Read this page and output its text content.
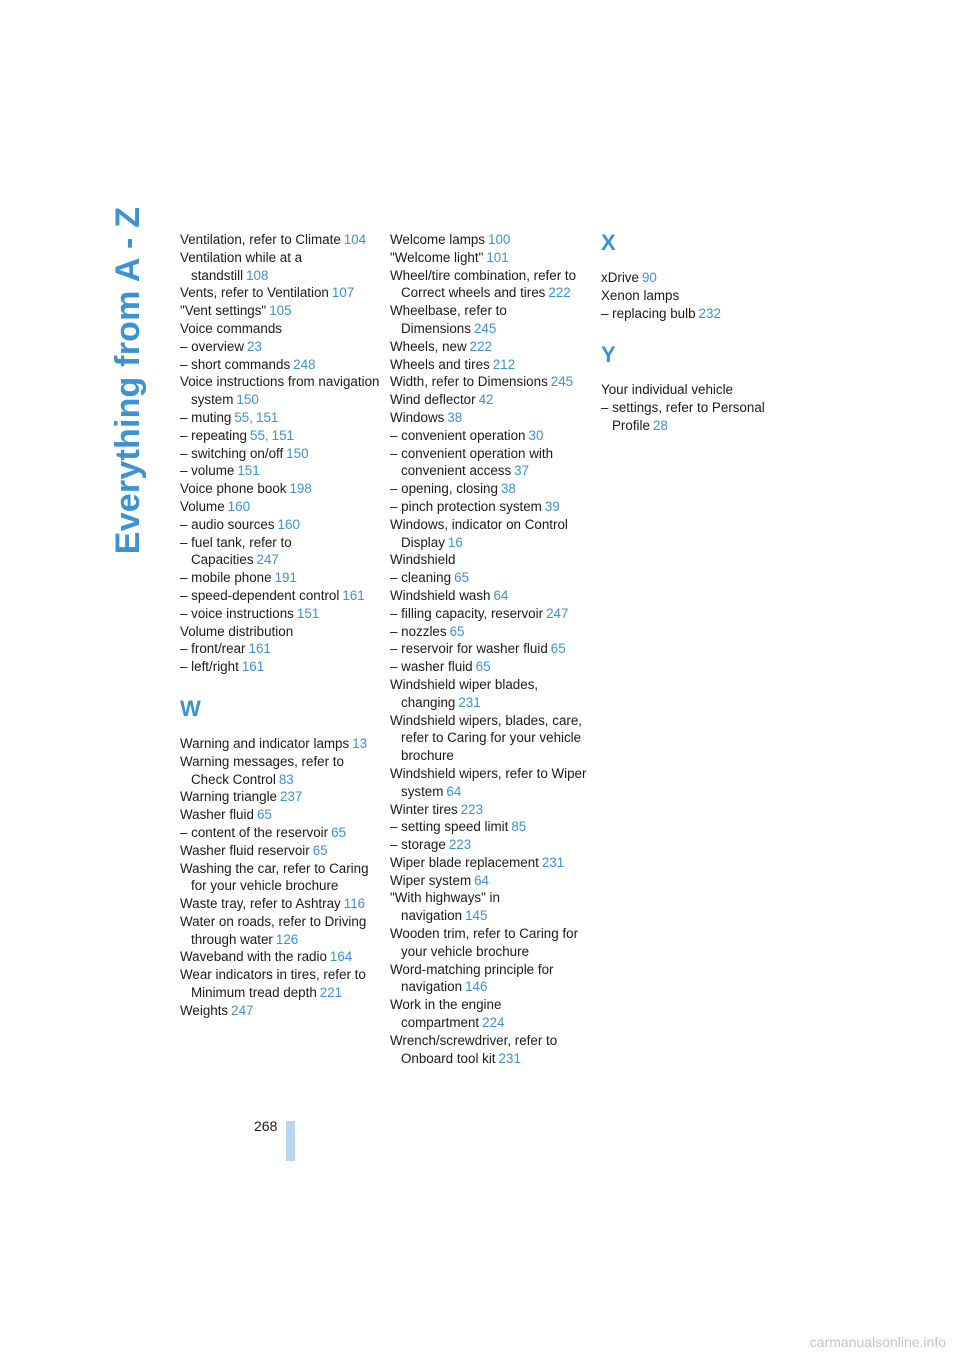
Everything from A - Z Ventilation, refer to Climate 104
Ventilation while at a standstill 108
Vents, refer to Ventilation 107
"Vent settings" 105
Voice commands
– overview 23
– short commands 248
Voice instructions from navigation system 150
– muting 55, 151
– repeating 55, 151
– switching on/off 150
– volume 151
Voice phone book 198
Volume 160
– audio sources 160
– fuel tank, refer to Capacities 247
– mobile phone 191
– speed-dependent control 161
– voice instructions 151
Volume distribution
– front/rear 161
– left/right 161
W
Warning and indicator lamps 13
Warning messages, refer to Check Control 83
Warning triangle 237
Washer fluid 65
– content of the reservoir 65
Washer fluid reservoir 65
Washing the car, refer to Caring for your vehicle brochure
Waste tray, refer to Ashtray 116
Water on roads, refer to Driving through water 126
Waveband with the radio 164
Wear indicators in tires, refer to Minimum tread depth 221
Weights 247
Welcome lamps 100
"Welcome light" 101
Wheel/tire combination, refer to Correct wheels and tires 222
Wheelbase, refer to Dimensions 245
Wheels, new 222
Wheels and tires 212
Width, refer to Dimensions 245
Wind deflector 42
Windows 38
– convenient operation 30
– convenient operation with convenient access 37
– opening, closing 38
– pinch protection system 39
Windows, indicator on Control Display 16
Windshield
– cleaning 65
Windshield wash 64
– filling capacity, reservoir 247
– nozzles 65
– reservoir for washer fluid 65
– washer fluid 65
Windshield wiper blades, changing 231
Windshield wipers, blades, care, refer to Caring for your vehicle brochure
Windshield wipers, refer to Wiper system 64
Winter tires 223
– setting speed limit 85
– storage 223
Wiper blade replacement 231
Wiper system 64
"With highways" in navigation 145
Wooden trim, refer to Caring for your vehicle brochure
Word-matching principle for navigation 146
Work in the engine compartment 224
Wrench/screwdriver, refer to Onboard tool kit 231
X
xDrive 90
Xenon lamps
– replacing bulb 232
Y
Your individual vehicle
– settings, refer to Personal Profile 28
268
carmanualsonline.info
